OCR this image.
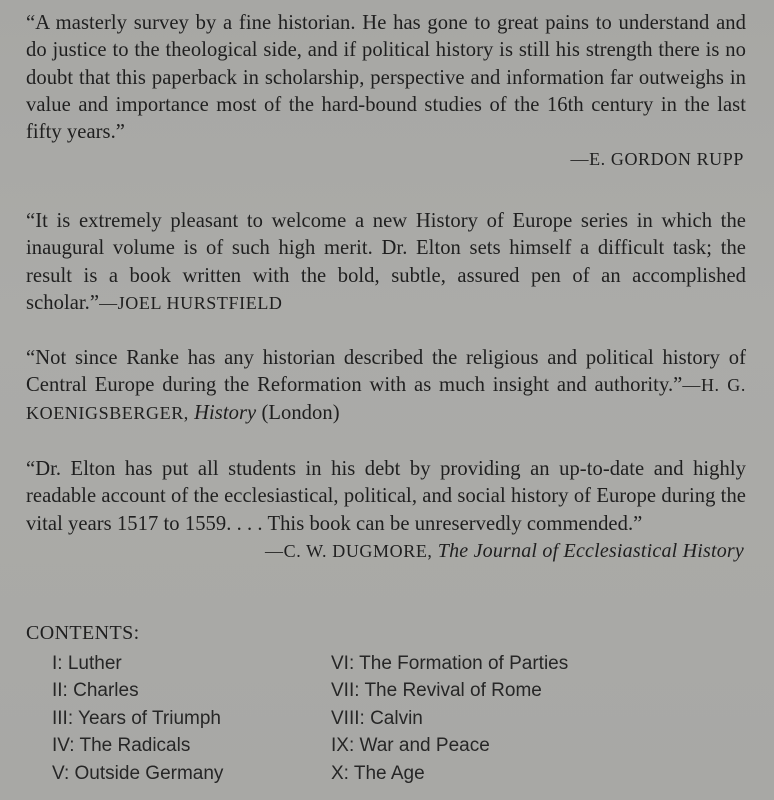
“A masterly survey by a fine historian. He has gone to great pains to understand and do justice to the theological side, and if political history is still his strength there is no doubt that this paperback in scholarship, perspective and information far outweighs in value and importance most of the hard-bound studies of the 16th century in the last fifty years.”
—E. GORDON RUPP
“It is extremely pleasant to welcome a new History of Europe series in which the inaugural volume is of such high merit. Dr. Elton sets himself a difficult task; the result is a book written with the bold, subtle, assured pen of an accomplished scholar.”—JOEL HURSTFIELD
“Not since Ranke has any historian described the religious and political history of Central Europe during the Reformation with as much insight and authority.”—H. G. KOENIGSBERGER, History (London)
“Dr. Elton has put all students in his debt by providing an up-to-date and highly readable account of the ecclesiastical, political, and social history of Europe during the vital years 1517 to 1559. . . . This book can be unreservedly commended.”
—C. W. DUGMORE, The Journal of Ecclesiastical History
CONTENTS:
I: Luther
II: Charles
III: Years of Triumph
IV: The Radicals
V: Outside Germany
VI: The Formation of Parties
VII: The Revival of Rome
VIII: Calvin
IX: War and Peace
X: The Age
